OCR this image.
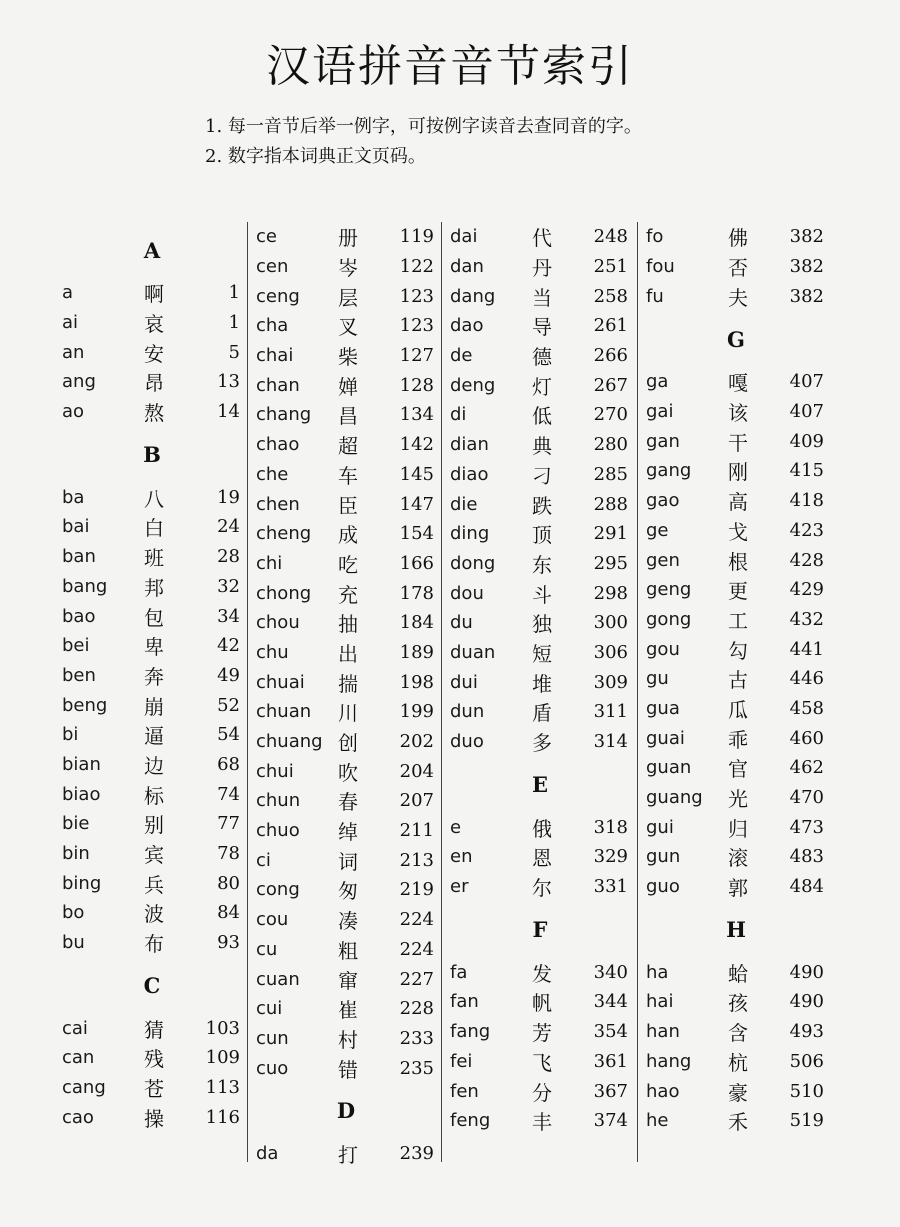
汉语拼音音节索引
1. 每一音节后举一例字，可按例字读音去查同音的字。
2. 数字指本词典正文页码。
A
a	啊	1
ai	哀	1
an	安	5
ang	昂	13
ao	熬	14
B
ba	八	19
bai	白	24
ban	班	28
bang	邦	32
bao	包	34
bei	卑	42
ben	奔	49
beng	崩	52
bi	逼	54
bian	边	68
biao	标	74
bie	别	77
bin	宾	78
bing	兵	80
bo	波	84
bu	布	93
C
cai	猜	103
can	残	109
cang	苍	113
cao	操	116
ce	册	119
cen	岑	122
ceng	层	123
cha	叉	123
chai	柴	127
chan	婵	128
chang	昌	134
chao	超	142
che	车	145
chen	臣	147
cheng	成	154
chi	吃	166
chong	充	178
chou	抽	184
chu	出	189
chuai	揣	198
chuan	川	199
chuang 创	202
chui	吹	204
chun	春	207
chuo	绰	211
ci	词	213
cong	匆	219
cou	凑	224
cu	粗	224
cuan	窜	227
cui	崔	228
cun	村	233
cuo	错	235
D
da	打	239
dai	代	248
dan	丹	251
dang	当	258
dao	导	261
de	德	266
deng	灯	267
di	低	270
dian	典	280
diao	刁	285
die	跌	288
ding	顶	291
dong	东	295
dou	斗	298
du	独	300
duan	短	306
dui	堆	309
dun	盾	311
duo	多	314
E
e	俄	318
en	恩	329
er	尔	331
F
fa	发	340
fan	帆	344
fang	芳	354
fei	飞	361
fen	分	367
feng	丰	374
fo	佛	382
fou	否	382
fu	夫	382
G
ga	嘎	407
gai	该	407
gan	干	409
gang	刚	415
gao	高	418
ge	戈	423
gen	根	428
geng	更	429
gong	工	432
gou	勾	441
gu	古	446
gua	瓜	458
guai	乖	460
guan	官	462
guang	光	470
gui	归	473
gun	滚	483
guo	郭	484
H
ha	蛤	490
hai	孩	490
han	含	493
hang	杭	506
hao	豪	510
he	禾	519
